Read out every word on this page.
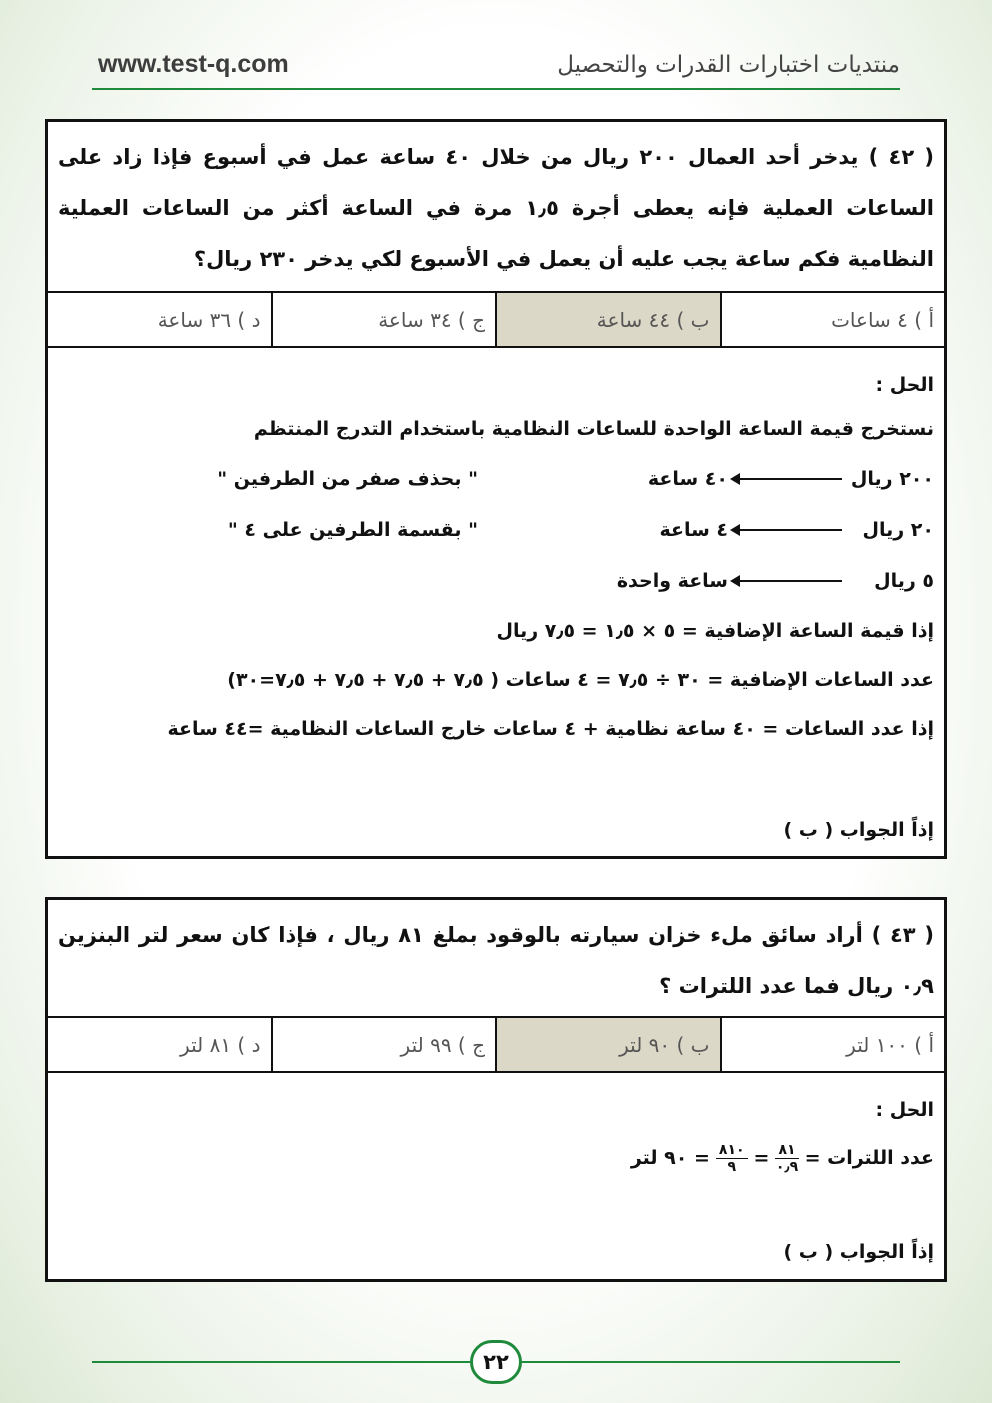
www.test-q.com	منتديات اختبارات القدرات والتحصيل
( ٤٢ ) يدخر أحد العمال ٢٠٠ ريال من خلال ٤٠ ساعة عمل في أسبوع فإذا زاد على الساعات العملية فإنه يعطى أجرة ١٫٥ مرة في الساعة أكثر من الساعات العملية النظامية فكم ساعة يجب عليه أن يعمل في الأسبوع لكي يدخر ٢٣٠ ريال؟
أ ) ٤ ساعات
ب ) ٤٤ ساعة
ج ) ٣٤ ساعة
د ) ٣٦ ساعة
الحل :
نستخرج قيمة الساعة الواحدة للساعات النظامية باستخدام التدرج المنتظم
٢٠٠ ريال
٤٠ ساعة
" بحذف صفر من الطرفين "
٢٠ ريال
٤ ساعة
" بقسمة الطرفين على ٤ "
٥ ريال
ساعة واحدة
إذا قيمة الساعة الإضافية = ٥ × ١٫٥ = ٧٫٥ ريال
عدد الساعات الإضافية = ٣٠ ÷ ٧٫٥ = ٤ ساعات ( ٧٫٥ + ٧٫٥ + ٧٫٥ + ٧٫٥=٣٠)
إذا عدد الساعات = ٤٠ ساعة نظامية + ٤ ساعات خارج الساعات النظامية =٤٤ ساعة
إذاً الجواب ( ب )
( ٤٣ ) أراد سائق ملء خزان سيارته بالوقود بملغ ٨١ ريال ، فإذا كان سعر لتر البنزين ٠٫٩ ريال فما عدد اللترات ؟
أ ) ١٠٠ لتر
ب ) ٩٠ لتر
ج ) ٩٩ لتر
د ) ٨١ لتر
الحل :
عدد اللترات =
$\frac{٨١}{٠٫٩}$
=
$\frac{٨١٠}{٩}$
= ٩٠ لتر
إذاً الجواب ( ب )
٢٢
